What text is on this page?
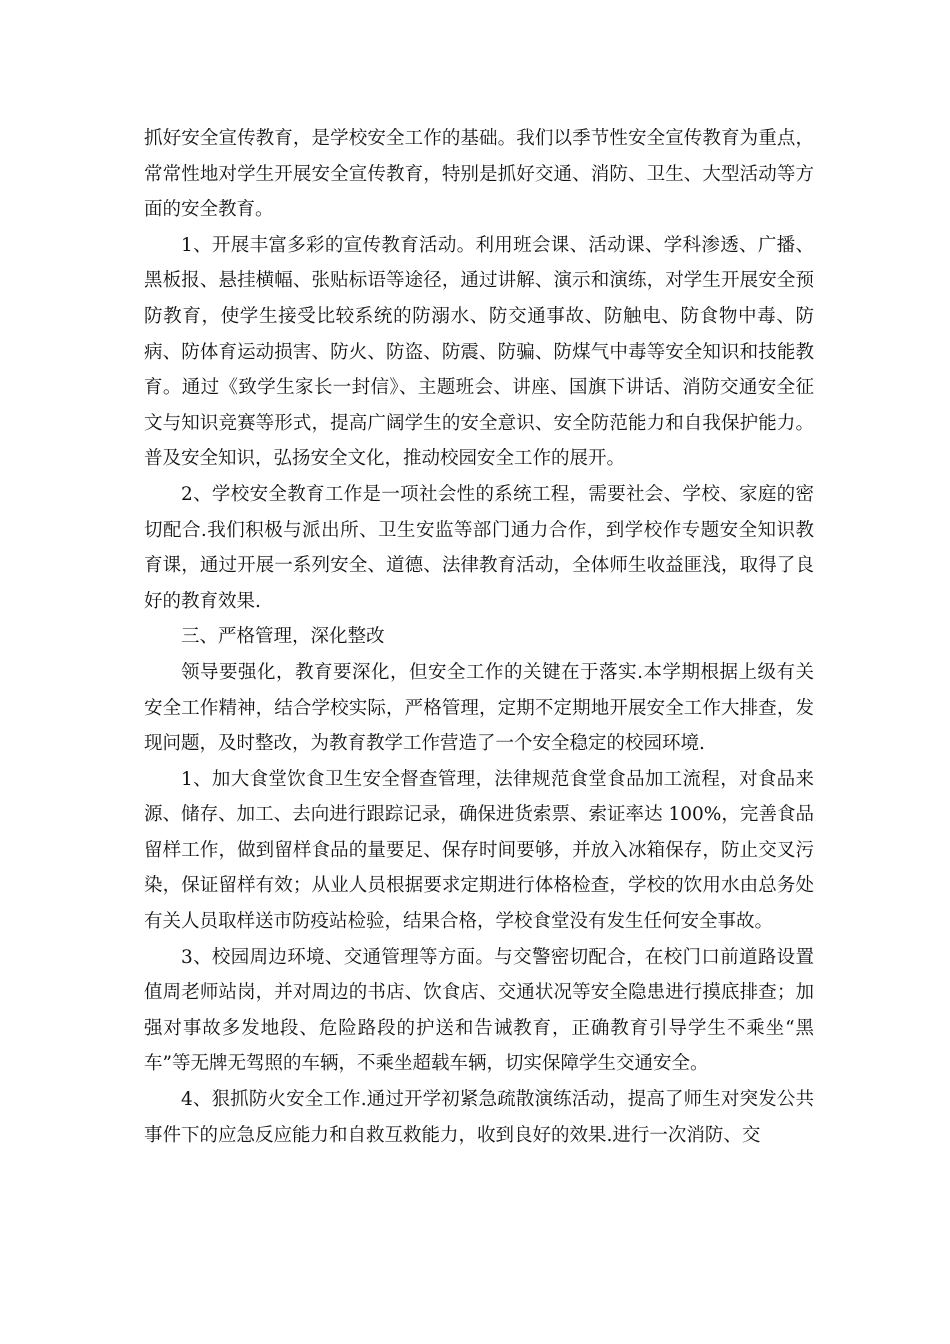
抓好安全宣传教育，是学校安全工作的基础。我们以季节性安全宣传教育为重点，常常性地对学生开展安全宣传教育，特别是抓好交通、消防、卫生、大型活动等方面的安全教育。

1、开展丰富多彩的宣传教育活动。利用班会课、活动课、学科渗透、广播、黑板报、悬挂横幅、张贴标语等途径，通过讲解、演示和演练，对学生开展安全预防教育，使学生接受比较系统的防溺水、防交通事故、防触电、防食物中毒、防病、防体育运动损害、防火、防盗、防震、防骗、防煤气中毒等安全知识和技能教育。通过《致学生家长一封信》、主题班会、讲座、国旗下讲话、消防交通安全征文与知识竞赛等形式，提高广阔学生的安全意识、安全防范能力和自我保护能力。普及安全知识，弘扬安全文化，推动校园安全工作的展开。

2、学校安全教育工作是一项社会性的系统工程，需要社会、学校、家庭的密切配合.我们积极与派出所、卫生安监等部门通力合作，到学校作专题安全知识教育课，通过开展一系列安全、道德、法律教育活动，全体师生收益匪浅，取得了良好的教育效果.

三、严格管理，深化整改

领导要强化，教育要深化，但安全工作的关键在于落实.本学期根据上级有关安全工作精神，结合学校实际，严格管理，定期不定期地开展安全工作大排查，发现问题，及时整改，为教育教学工作营造了一个安全稳定的校园环境.

1、加大食堂饮食卫生安全督查管理，法律规范食堂食品加工流程，对食品来源、储存、加工、去向进行跟踪记录，确保进货索票、索证率达 100%，完善食品留样工作，做到留样食品的量要足、保存时间要够，并放入冰箱保存，防止交叉污染，保证留样有效；从业人员根据要求定期进行体格检查，学校的饮用水由总务处有关人员取样送市防疫站检验，结果合格，学校食堂没有发生任何安全事故。

3、校园周边环境、交通管理等方面。与交警密切配合，在校门口前道路设置值周老师站岗，并对周边的书店、饮食店、交通状况等安全隐患进行摸底排查；加强对事故多发地段、危险路段的护送和告诫教育，正确教育引导学生不乘坐“黑车”等无牌无驾照的车辆，不乘坐超载车辆，切实保障学生交通安全。

4、狠抓防火安全工作.通过开学初紧急疏散演练活动，提高了师生对突发公共事件下的应急反应能力和自救互救能力，收到良好的效果.进行一次消防、交
